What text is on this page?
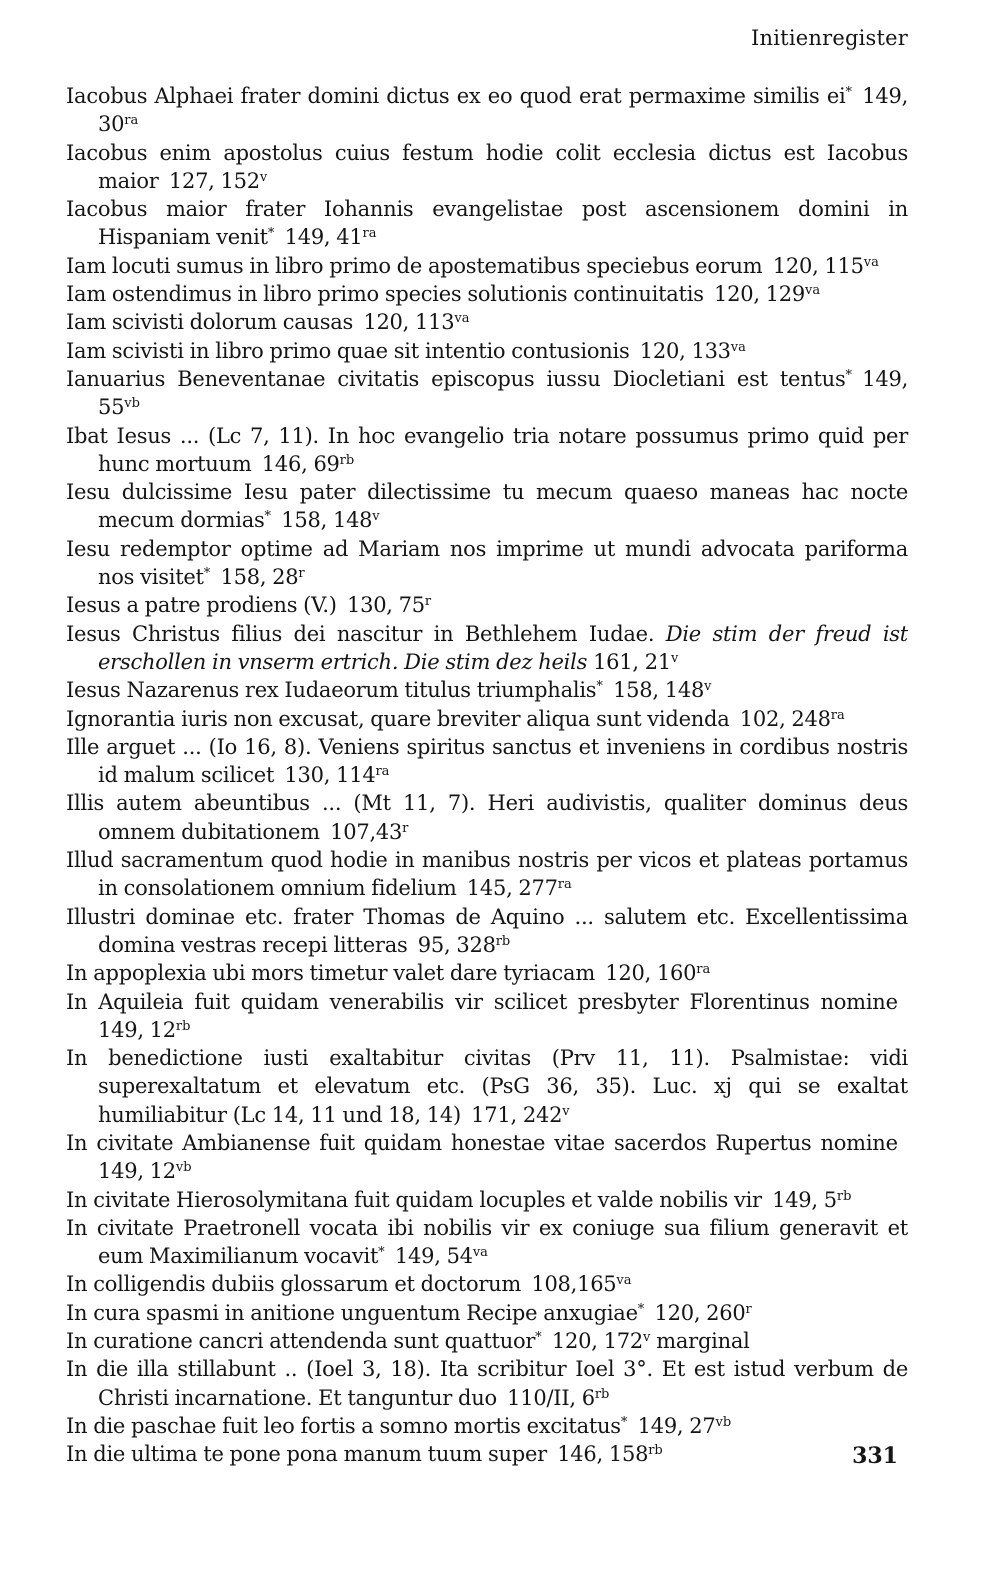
Initienregister

Iacobus Alphaei frater domini dictus ex eo quod erat permaxime similis ei*  149, $30^{ra}$

Iacobus enim apostolus cuius festum hodie colit ecclesia dictus est Iacobus maior  127, 152$^v$

Iacobus maior frater Iohannis evangelistae post ascensionem domini in Hispaniam venit*  149, $41^{ra}$

Iam locuti sumus in libro primo de apostematibus speciebus eorum  120, $115^{va}$

Iam ostendimus in libro primo species solutionis continuitatis  120, $129^{va}$

Iam scivisti dolorum causas  120, $113^{va}$

Iam scivisti in libro primo quae sit intentio contusionis  120, $133^{va}$

Ianuarius Beneventanae civitatis episcopus iussu Diocletiani est tentus*  149, $55^{vb}$

Ibat Iesus ... (Lc 7, 11). In hoc evangelio tria notare possumus primo quid per hunc mortuum  146, $69^{rb}$

Iesu dulcissime Iesu pater dilectissime tu mecum quaeso maneas hac nocte mecum dormias*  158, 148$^v$

Iesu redemptor optime ad Mariam nos imprime ut mundi advocata pariforma nos visitet*  158, 28$^r$

Iesus a patre prodiens (V.)  130, 75$^r$

Iesus Christus filius dei nascitur in Bethlehem Iudae. Die stim der freud ist erschollen in vnserm ertrich. Die stim dez heils 161, 21$^v$

Iesus Nazarenus rex Iudaeorum titulus triumphalis*  158, 148$^v$

Ignorantia iuris non excusat, quare breviter aliqua sunt videnda  102, $248^{ra}$

Ille arguet ... (Io 16, 8). Veniens spiritus sanctus et inveniens in cordibus nostris id malum scilicet  130, $114^{ra}$

Illis autem abeuntibus ... (Mt 11, 7). Heri audivistis, qualiter dominus deus omnem dubitationem  107,43$^r$

Illud sacramentum quod hodie in manibus nostris per vicos et plateas portamus in consolationem omnium fidelium  145, $277^{ra}$

Illustri dominae etc. frater Thomas de Aquino ... salutem etc. Excellentissima domina vestras recepi litteras  95, $328^{rb}$

In appoplexia ubi mors timetur valet dare tyriacam  120, $160^{ra}$

In Aquileia fuit quidam venerabilis vir scilicet presbyter Florentinus nomine 149, $12^{rb}$

In benedictione iusti exaltabitur civitas (Prv 11, 11). Psalmistae: vidi superexaltatum et elevatum etc. (PsG 36, 35). Luc. xj qui se exaltat humiliabitur (Lc 14, 11 und 18, 14)  171, 242$^v$

In civitate Ambianense fuit quidam honestae vitae sacerdos Rupertus nomine 149, $12^{vb}$

In civitate Hierosolymitana fuit quidam locuples et valde nobilis vir  149, $5^{rb}$

In civitate Praetronell vocata ibi nobilis vir ex coniuge sua filium generavit et eum Maximilianum vocavit*  149, $54^{va}$

In colligendis dubiis glossarum et doctorum  $108,165^{va}$

In cura spasmi in anitione unguentum Recipe anxugiae*  120, 260$^r$

In curatione cancri attendenda sunt quattuor*  120, 172$^v$ marginal

In die illa stillabunt .. (Ioel 3, 18). Ita scribitur Ioel 3°. Et est istud verbum de Christi incarnatione. Et tanguntur duo  110/II, $6^{rb}$

In die paschae fuit leo fortis a somno mortis excitatus*  149, $27^{vb}$

In die ultima te pone pona manum tuum super  146, $158^{rb}$	331
